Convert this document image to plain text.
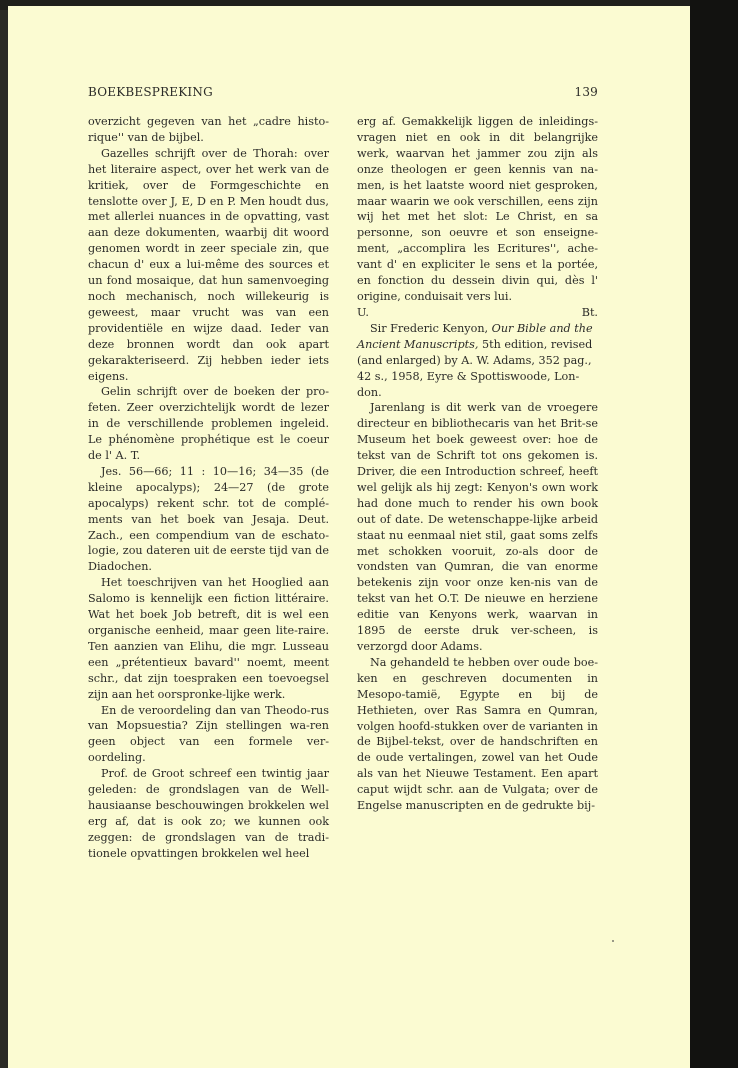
BOEKBESPREKING	139

overzicht gegeven van het „cadre histo-rique'' van de bijbel.

Gazelles schrijft over de Thorah: over het literaire aspect, over het werk van de kritiek, over de Formgeschichte en tenslotte over J, E, D en P. Men houdt dus, met allerlei nuances in de opvatting, vast aan deze dokumenten, waarbij dit woord genomen wordt in zeer speciale zin, que chacun d' eux a lui-même des sources et un fond mosaique, dat hun samenvoeging noch mechanisch, noch willekeurig is geweest, maar vrucht was van een providentiële en wijze daad. Ieder van deze bronnen wordt dan ook apart gekarakteriseerd. Zij hebben ieder iets eigens.

Gelin schrijft over de boeken der pro-feten. Zeer overzichtelijk wordt de lezer in de verschillende problemen ingeleid. Le phénomène prophétique est le coeur de l' A. T.

Jes. 56—66; 11 : 10—16; 34—35 (de kleine apocalyps); 24—27 (de grote apocalyps) rekent schr. tot de complé-ments van het boek van Jesaja. Deut. Zach., een compendium van de eschato-logie, zou dateren uit de eerste tijd van de Diadochen.

Het toeschrijven van het Hooglied aan Salomo is kennelijk een fiction littéraire. Wat het boek Job betreft, dit is wel een organische eenheid, maar geen lite-raire. Ten aanzien van Elihu, die mgr. Lusseau een „prétentieux bavard'' noemt, meent schr., dat zijn toespraken een toevoegsel zijn aan het oorspronke-lijke werk.

En de veroordeling dan van Theodo-rus van Mopsuestia? Zijn stellingen wa-ren geen object van een formele ver-oordeling.

Prof. de Groot schreef een twintig jaar geleden: de grondslagen van de Well-hausiaanse beschouwingen brokkelen wel erg af, dat is ook zo; we kunnen ook zeggen: de grondslagen van de tradi-tionele opvattingen brokkelen wel heel

erg af. Gemakkelijk liggen de inleidings-vragen niet en ook in dit belangrijke werk, waarvan het jammer zou zijn als onze theologen er geen kennis van na-men, is het laatste woord niet gesproken, maar waarin we ook verschillen, eens zijn wij het met het slot: Le Christ, en sa personne, son oeuvre et son enseigne-ment, „accomplira les Ecritures'', ache-vant d' en expliciter le sens et la portée, en fonction du dessein divin qui, dès l' origine, conduisait vers lui.

U.	Bt.

Sir Frederic Kenyon, Our Bible and the Ancient Manuscripts, 5th edition, revised (and enlarged) by A. W. Adams, 352 pag., 42 s., 1958, Eyre & Spottiswoode, Lon-don.

Jarenlang is dit werk van de vroegere directeur en bibliothecaris van het Brit-se Museum het boek geweest over: hoe de tekst van de Schrift tot ons gekomen is. Driver, die een Introduction schreef, heeft wel gelijk als hij zegt: Kenyon's own work had done much to render his own book out of date. De wetenschappe-lijke arbeid staat nu eenmaal niet stil, gaat soms zelfs met schokken vooruit, zo-als door de vondsten van Qumran, die van enorme betekenis zijn voor onze ken-nis van de tekst van het O.T. De nieuwe en herziene editie van Kenyons werk, waarvan in 1895 de eerste druk ver-scheen, is verzorgd door Adams.

Na gehandeld te hebben over oude boe-ken en geschreven documenten in Mesopo-tamië, Egypte en bij de Hethieten, over Ras Samra en Qumran, volgen hoofd-stukken over de varianten in de Bijbel-tekst, over de handschriften en de oude vertalingen, zowel van het Oude als van het Nieuwe Testament. Een apart caput wijdt schr. aan de Vulgata; over de Engelse manuscripten en de gedrukte bij-
